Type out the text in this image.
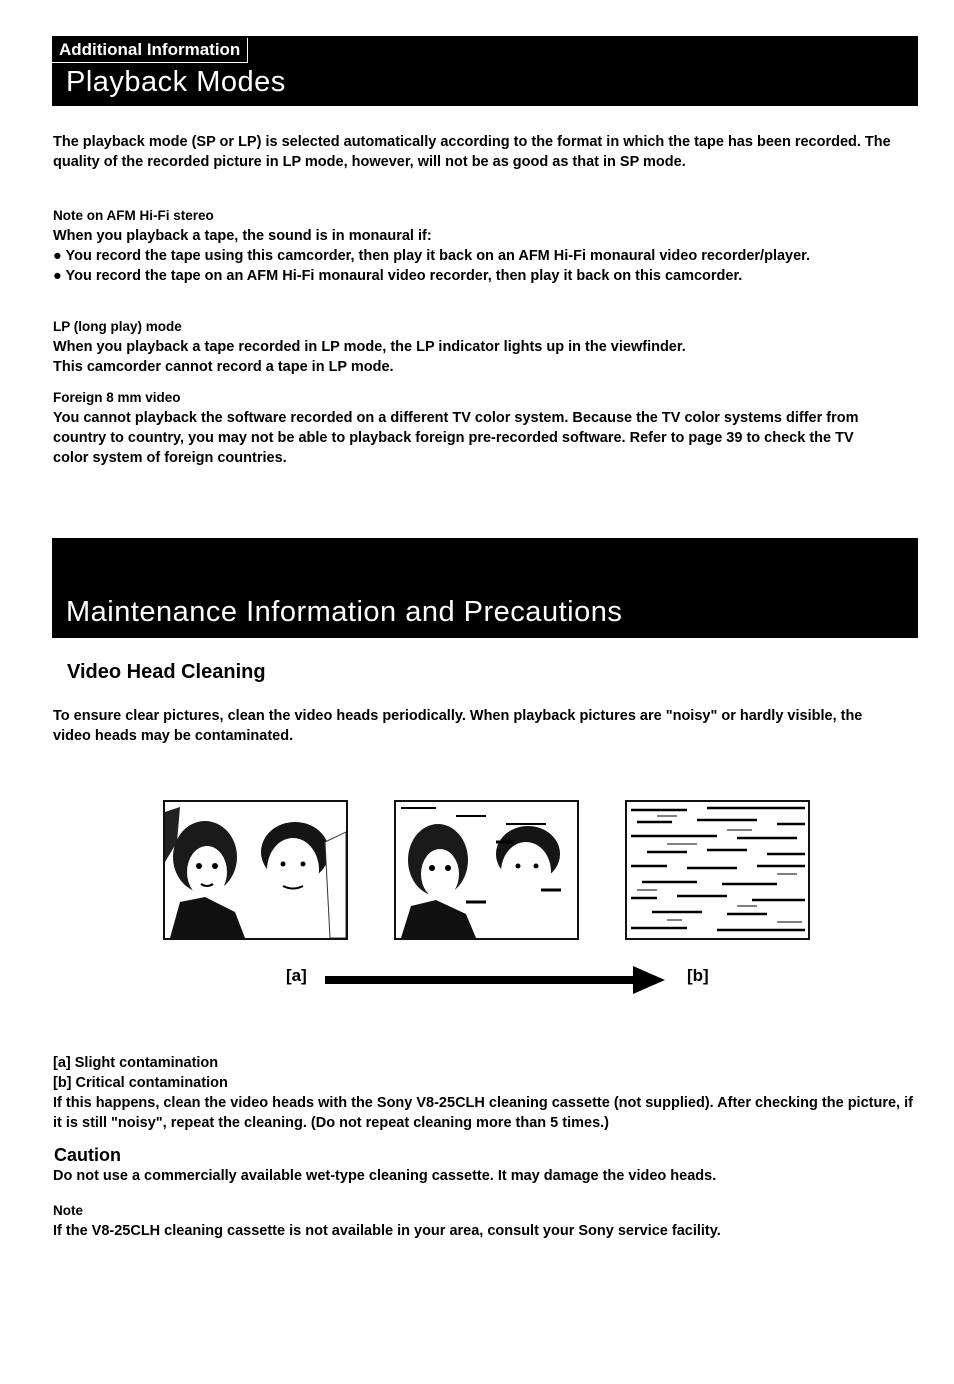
Additional Information
Playback Modes

The playback mode (SP or LP) is selected automatically according to the format in which the tape has been recorded. The quality of the recorded picture in LP mode, however, will not be as good as that in SP mode.

Note on AFM Hi-Fi stereo

When you playback a tape, the sound is in monaural if:

● You record the tape using this camcorder, then play it back on an AFM Hi-Fi monaural video recorder/player.

● You record the tape on an AFM Hi-Fi monaural video recorder, then play it back on this camcorder.

LP (long play) mode

When you playback a tape recorded in LP mode, the LP indicator lights up in the viewfinder.

This camcorder cannot record a tape in LP mode.

Foreign 8 mm video

You cannot playback the software recorded on a different TV color system. Because the TV color systems differ from country to country, you may not be able to playback foreign pre-recorded software. Refer to page 39 to check the TV color system of foreign countries.

Maintenance Information and Precautions
Video Head Cleaning

To ensure clear pictures, clean the video heads periodically. When playback pictures are "noisy" or hardly visible, the video heads may be contaminated.

[a]	[b]

[a] Slight contamination

[b] Critical contamination

If this happens, clean the video heads with the Sony V8-25CLH cleaning cassette (not supplied). After checking the picture, if it is still "noisy", repeat the cleaning. (Do not repeat cleaning more than 5 times.)

Caution
Do not use a commercially available wet-type cleaning cassette. It may damage the video heads.

Note

If the V8-25CLH cleaning cassette is not available in your area, consult your Sony service facility.
